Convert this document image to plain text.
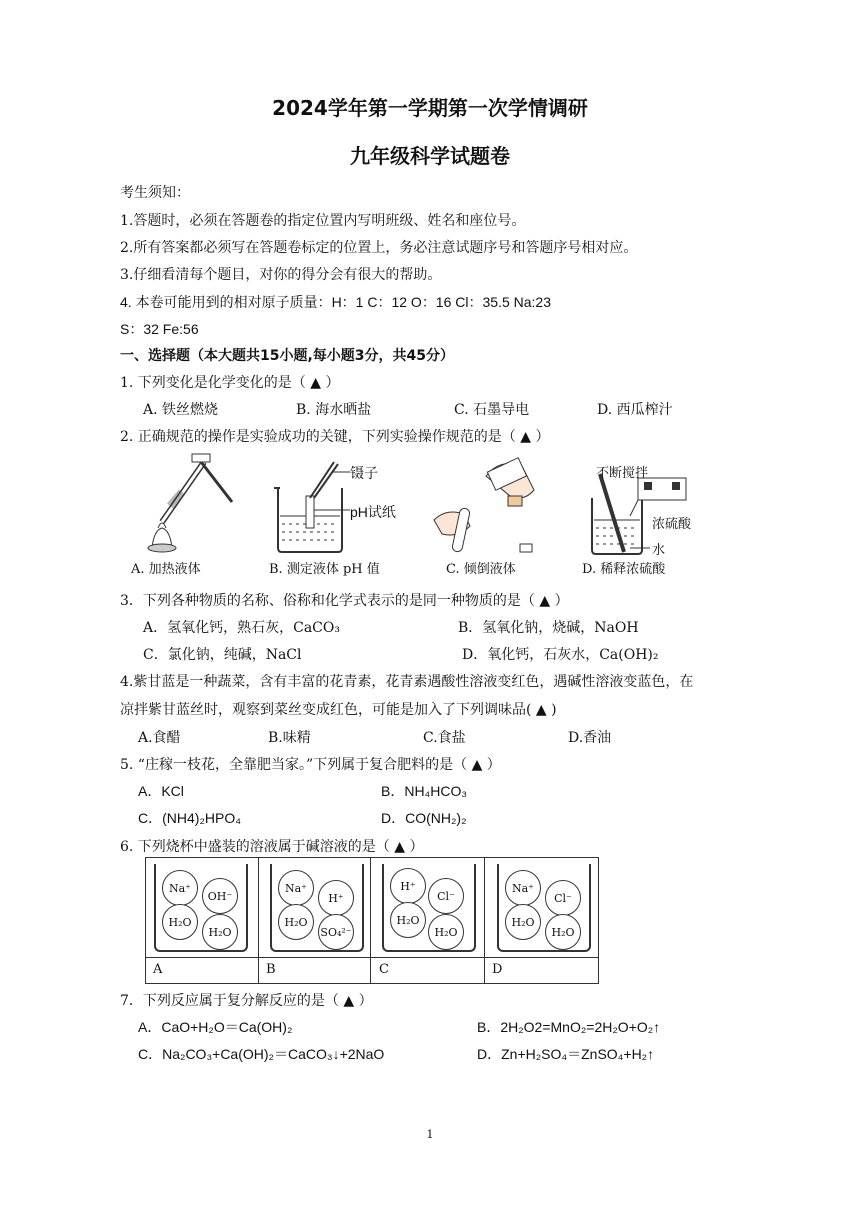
2024学年第一学期第一次学情调研
九年级科学试题卷
考生须知：
1.答题时，必须在答题卷的指定位置内写明班级、姓名和座位号。
2.所有答案都必须写在答题卷标定的位置上，务必注意试题序号和答题序号相对应。
3.仔细看清每个题目，对你的得分会有很大的帮助。
4. 本卷可能用到的相对原子质量：H：1 C：12 O：16 Cl：35.5 Na:23
S：32 Fe:56
一、选择题（本大题共15小题,每小题3分，共45分）
1. 下列变化是化学变化的是（ ▲ ）
A. 铁丝燃烧	B. 海水晒盐	C. 石墨导电	D. 西瓜榨汁
2. 正确规范的操作是实验成功的关键，下列实验操作规范的是（ ▲ ）
A. 加热液体
镊子
pH试纸
B. 测定液体 pH 值	C. 倾倒液体
不断搅拌
浓硫酸
水
D. 稀释浓硫酸
3．下列各种物质的名称、俗称和化学式表示的是同一种物质的是（ ▲ ）
A．氢氧化钙，熟石灰，CaCO₃	B．氢氧化钠，烧碱，NaOH
C．氯化钠，纯碱，NaCl	D．氧化钙，石灰水，Ca(OH)₂
4.紫甘蓝是一种蔬菜，含有丰富的花青素，花青素遇酸性溶液变红色，遇碱性溶液变蓝色，在
凉拌紫甘蓝丝时，观察到菜丝变成红色，可能是加入了下列调味品( ▲ )
A.食醋	B.味精	C.食盐	D.香油
5. “庄稼一枝花，全靠肥当家。”下列属于复合肥料的是（ ▲ ）
A．KCl	B．NH₄HCO₃
C．(NH4)₂HPO₄	D．CO(NH₂)₂
6. 下列烧杯中盛装的溶液属于碱溶液的是（ ▲ ）
Na⁺
OH⁻
H₂O
H₂O
A
Na⁺
H⁺
H₂O
SO₄²⁻
B
H⁺
Cl⁻
H₂O
H₂O
C
Na⁺
Cl⁻
H₂O
H₂O
D
7．下列反应属于复分解反应的是（ ▲ ）
A．CaO+H₂O＝Ca(OH)₂	B．2H₂O2=MnO₂=2H₂O+O₂↑
C．Na₂CO₃+Ca(OH)₂＝CaCO₃↓+2NaO	D．Zn+H₂SO₄＝ZnSO₄+H₂↑
1
